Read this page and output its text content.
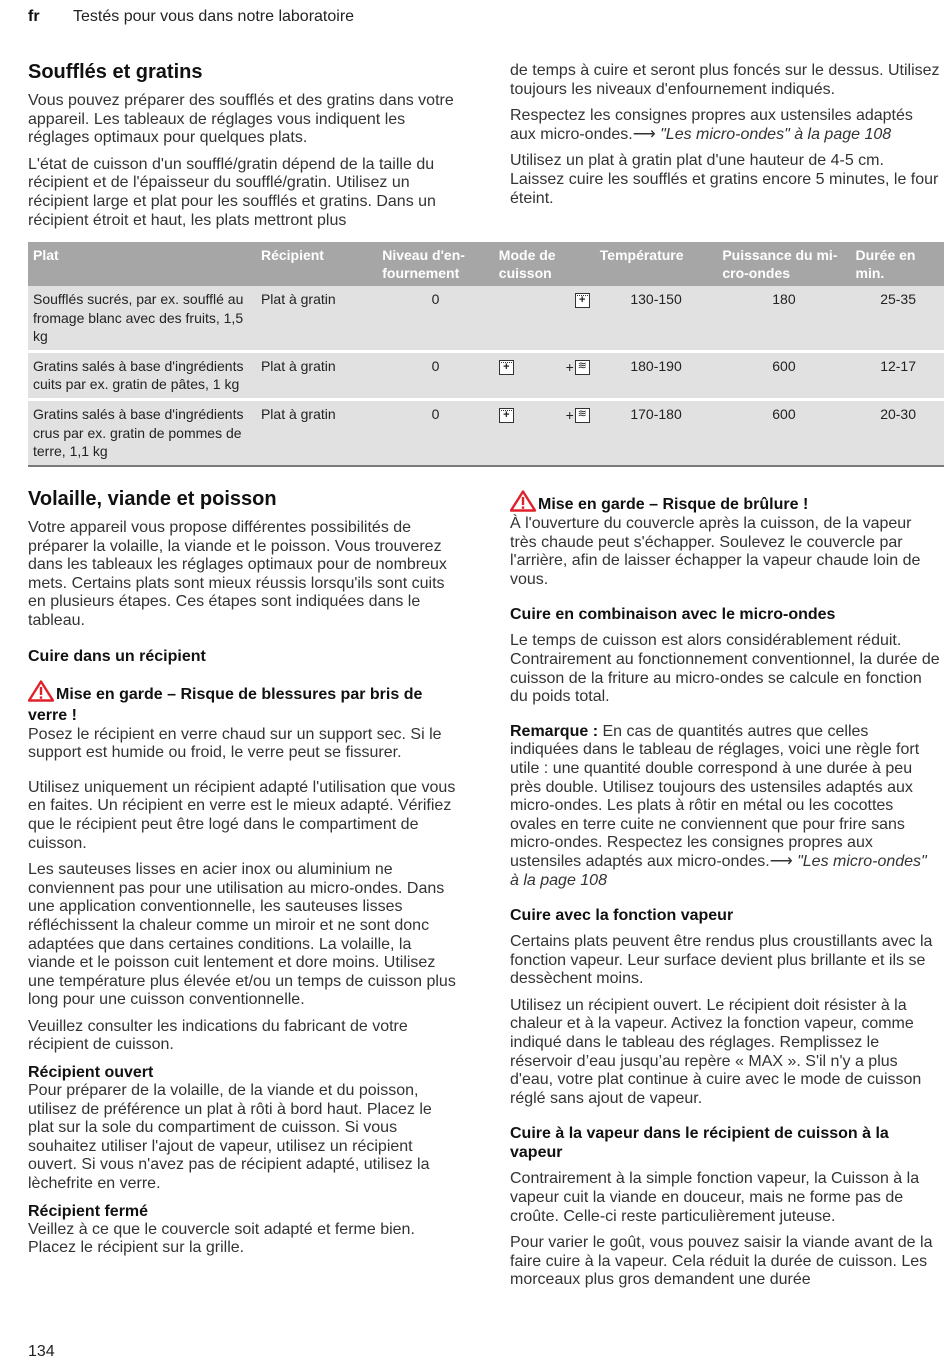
fr Testés pour vous dans notre laboratoire
Soufflés et gratins

Vous pouvez préparer des soufflés et des gratins dans votre appareil. Les tableaux de réglages vous indiquent les réglages optimaux pour quelques plats.

L'état de cuisson d'un soufflé/gratin dépend de la taille du récipient et de l'épaisseur du soufflé/gratin. Utilisez un récipient large et plat pour les soufflés et gratins. Dans un récipient étroit et haut, les plats mettront plus

de temps à cuire et seront plus foncés sur le dessus. Utilisez toujours les niveaux d'enfournement indiqués.

Respectez les consignes propres aux ustensiles adaptés aux micro-ondes.⟶ "Les micro-ondes" à la page 108

Utilisez un plat à gratin plat d'une hauteur de 4-5 cm. Laissez cuire les soufflés et gratins encore 5 minutes, le four éteint.

Plat	Récipient	Niveau d'en-fournement	Mode de cuisson	Température	Puissance du mi-cro-ondes	Durée en min.
Soufflés sucrés, par ex. soufflé au fromage blanc avec des fruits, 1,5 kg	Plat à gratin	0	+	130-150	180	25-35
Gratins salés à base d'ingrédients cuits par ex. gratin de pâtes, 1 kg	Plat à gratin	0	++≋	180-190	600	12-17
Gratins salés à base d'ingrédients crus par ex. gratin de pommes de terre, 1,1 kg	Plat à gratin	0	++≋	170-180	600	20-30
Volaille, viande et poisson

Votre appareil vous propose différentes possibilités de préparer la volaille, la viande et le poisson. Vous trouverez dans les tableaux les réglages optimaux pour de nombreux mets. Certains plats sont mieux réussis lorsqu'ils sont cuits en plusieurs étapes. Ces étapes sont indiquées dans le tableau.

Cuire dans un récipient
Mise en garde – Risque de blessures par bris de verre !

Posez le récipient en verre chaud sur un support sec. Si le support est humide ou froid, le verre peut se fissurer.

Utilisez uniquement un récipient adapté l'utilisation que vous en faites. Un récipient en verre est le mieux adapté. Vérifiez que le récipient peut être logé dans le compartiment de cuisson.

Les sauteuses lisses en acier inox ou aluminium ne conviennent pas pour une utilisation au micro-ondes. Dans une application conventionnelle, les sauteuses lisses réfléchissent la chaleur comme un miroir et ne sont donc adaptées que dans certaines conditions. La volaille, la viande et le poisson cuit lentement et dore moins. Utilisez une température plus élevée et/ou un temps de cuisson plus long pour une cuisson conventionnelle.

Veuillez consulter les indications du fabricant de votre récipient de cuisson.

Récipient ouvert

Pour préparer de la volaille, de la viande et du poisson, utilisez de préférence un plat à rôti à bord haut. Placez le plat sur la sole du compartiment de cuisson. Si vous souhaitez utiliser l'ajout de vapeur, utilisez un récipient ouvert. Si vous n'avez pas de récipient adapté, utilisez la lèchefrite en verre.

Récipient fermé

Veillez à ce que le couvercle soit adapté et ferme bien. Placez le récipient sur la grille.

Mise en garde – Risque de brûlure !

À l'ouverture du couvercle après la cuisson, de la vapeur très chaude peut s'échapper. Soulevez le couvercle par l'arrière, afin de laisser échapper la vapeur chaude loin de vous.

Cuire en combinaison avec le micro-ondes

Le temps de cuisson est alors considérablement réduit. Contrairement au fonctionnement conventionnel, la durée de cuisson de la friture au micro-ondes se calcule en fonction du poids total.

Remarque : En cas de quantités autres que celles indiquées dans le tableau de réglages, voici une règle fort utile : une quantité double correspond à une durée à peu près double. Utilisez toujours des ustensiles adaptés aux micro-ondes. Les plats à rôtir en métal ou les cocottes ovales en terre cuite ne conviennent que pour frire sans micro-ondes. Respectez les consignes propres aux ustensiles adaptés aux micro-ondes.⟶ "Les micro-ondes" à la page 108

Cuire avec la fonction vapeur

Certains plats peuvent être rendus plus croustillants avec la fonction vapeur. Leur surface devient plus brillante et ils se dessèchent moins.

Utilisez un récipient ouvert. Le récipient doit résister à la chaleur et à la vapeur. Activez la fonction vapeur, comme indiqué dans le tableau des réglages. Remplissez le réservoir d’eau jusqu’au repère « MAX ». S'il n'y a plus d'eau, votre plat continue à cuire avec le mode de cuisson réglé sans ajout de vapeur.

Cuire à la vapeur dans le récipient de cuisson à la vapeur

Contrairement à la simple fonction vapeur, la Cuisson à la vapeur cuit la viande en douceur, mais ne forme pas de croûte. Celle-ci reste particulièrement juteuse.

Pour varier le goût, vous pouvez saisir la viande avant de la faire cuire à la vapeur. Cela réduit la durée de cuisson. Les morceaux plus gros demandent une durée

134
